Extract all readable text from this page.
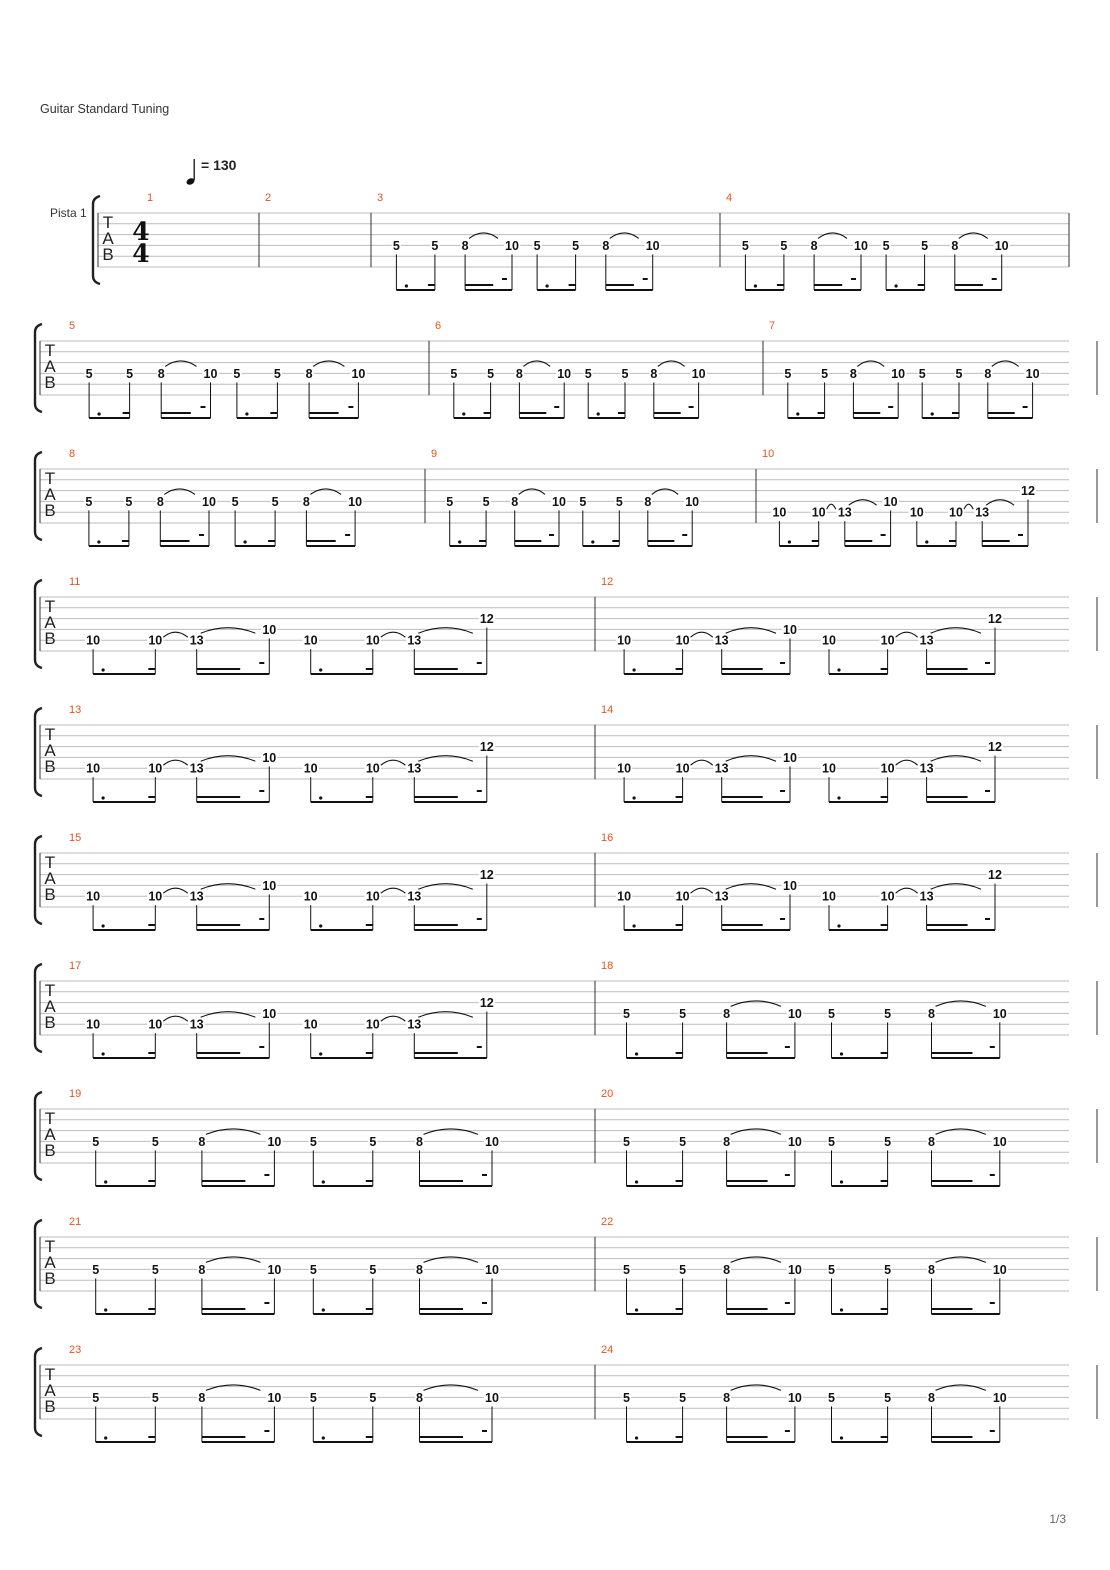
Guitar Standard Tuning
= 130
Pista 1 T
A
B
4
4
1	2	3
5	5 8	10 5	5 8	10
4
5	5 8	10 5	5 8	10
T
A
B
5
5	5 8	10 5	5 8	10
6
5 5 8	10 5 5 8	10
7
5 5 8	10 5 5 8	10
T
A
B
8
5	5 8	10 5	5 8	10
9
5 5 8	10 5 5 8	10
10
10 10 13
10
10 10 13
12
T
A
B
11
10	10 13
10
10	10 13
12
12
10	10 13
10
10	10 13
12
T
A
B
13
10	10 13
10
10	10 13
12
14
10	10 13
10
10	10 13
12
T
A
B
15
10	10 13
10
10	10 13
12
16
10	10 13
10
10	10 13
12
T
A
B
17
10	10 13
10
10	10 13
12
18
5	5	8	10 5	5	8	10
T
A
B
19
5	5	8	10 5	5	8	10
20
5	5	8	10 5	5	8	10
T
A
B
21
5	5	8	10 5	5	8	10
22
5	5	8	10 5	5	8	10
T
A
B
23
5	5	8	10 5	5	8	10
24
5	5	8	10 5	5	8	10
1/3
